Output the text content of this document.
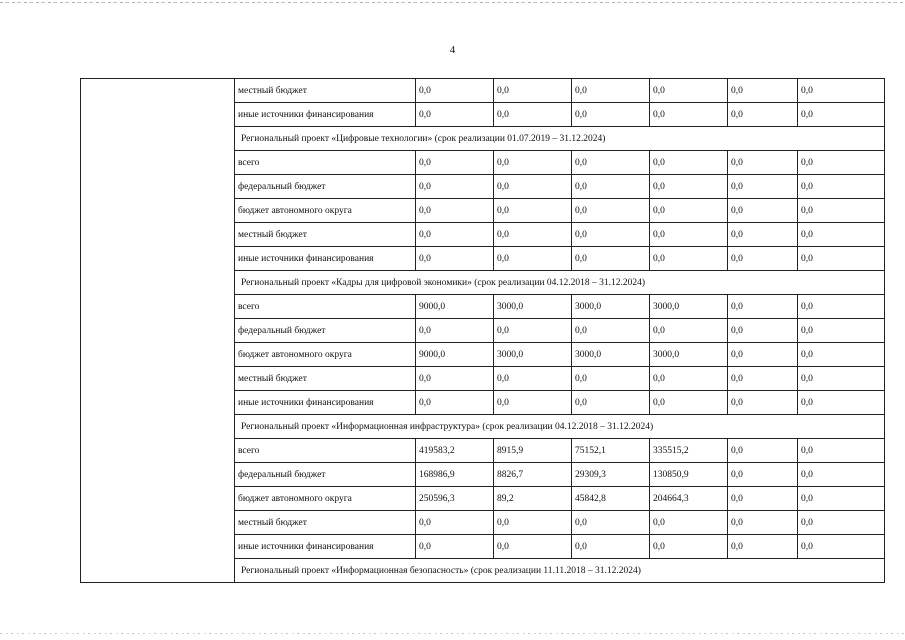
4
	местный бюджет	0,0	0,0	0,0	0,0	0,0	0,0
	иные источники финансирования	0,0	0,0	0,0	0,0	0,0	0,0
	Региональный проект «Цифровые технологии» (срок реализации 01.07.2019 – 31.12.2024)						
	всего	0,0	0,0	0,0	0,0	0,0	0,0
	федеральный бюджет	0,0	0,0	0,0	0,0	0,0	0,0
	бюджет автономного округа	0,0	0,0	0,0	0,0	0,0	0,0
	местный бюджет	0,0	0,0	0,0	0,0	0,0	0,0
	иные источники финансирования	0,0	0,0	0,0	0,0	0,0	0,0
	Региональный проект «Кадры для цифровой экономики» (срок реализации 04.12.2018 – 31.12.2024)						
	всего	9000,0	3000,0	3000,0	3000,0	0,0	0,0
	федеральный бюджет	0,0	0,0	0,0	0,0	0,0	0,0
	бюджет автономного округа	9000,0	3000,0	3000,0	3000,0	0,0	0,0
	местный бюджет	0,0	0,0	0,0	0,0	0,0	0,0
	иные источники финансирования	0,0	0,0	0,0	0,0	0,0	0,0
	Региональный проект «Информационная инфраструктура» (срок реализации 04.12.2018 – 31.12.2024)						
	всего	419583,2	8915,9	75152,1	335515,2	0,0	0,0
	федеральный бюджет	168986,9	8826,7	29309,3	130850,9	0,0	0,0
	бюджет автономного округа	250596,3	89,2	45842,8	204664,3	0,0	0,0
	местный бюджет	0,0	0,0	0,0	0,0	0,0	0,0
	иные источники финансирования	0,0	0,0	0,0	0,0	0,0	0,0
	Региональный проект «Информационная безопасность» (срок реализации 11.11.2018 – 31.12.2024)						
